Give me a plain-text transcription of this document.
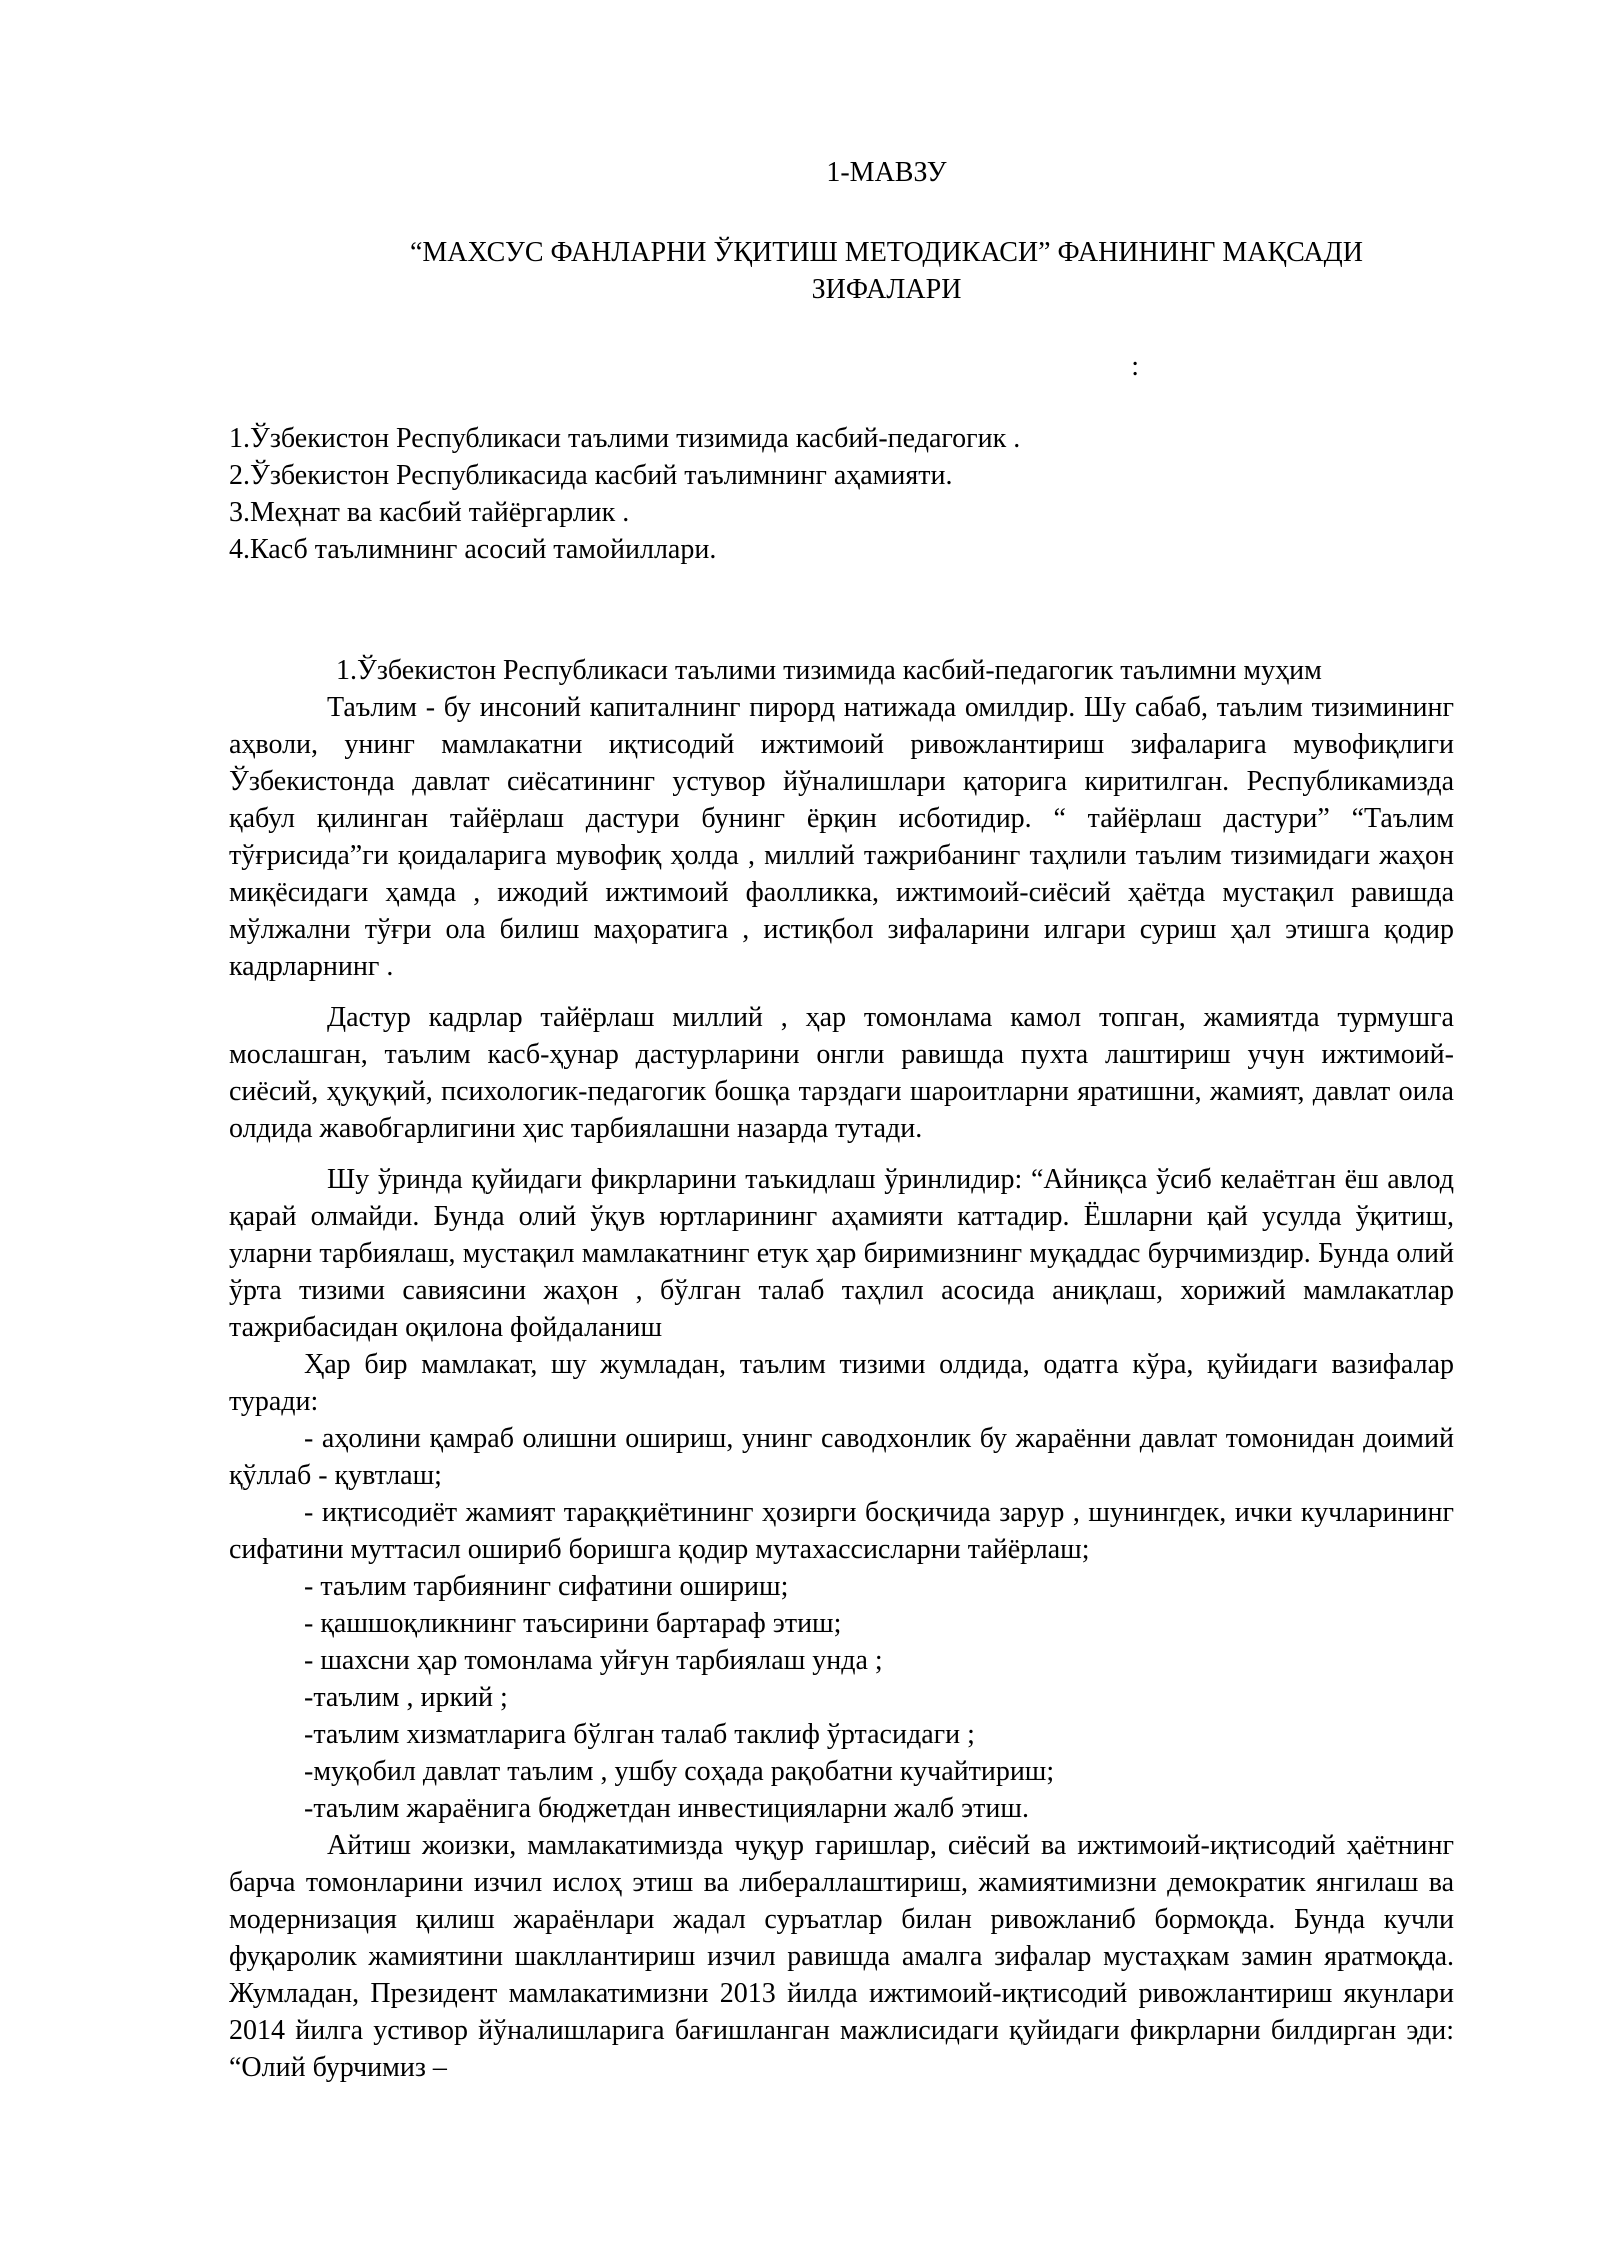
1-МАВЗУ
“МАХСУС ФАНЛАРНИ ЎҚИТИШ МЕТОДИКАСИ” ФАНИНИНГ МАҚСАДИ
ЗИФАЛАРИ
:
1.Ўзбекистон Республикаси таълими тизимида касбий-педагогик .
2.Ўзбекистон Республикасида касбий таълимнинг аҳамияти.
3.Меҳнат ва касбий тайёргарлик .
4.Касб таълимнинг асосий тамойиллари.
1.Ўзбекистон Республикаси таълими тизимида касбий-педагогик таълимни муҳим

Таълим - бу инсоний капиталнинг пирорд натижада омилдир. Шу сабаб, таълим тизимининг аҳволи, унинг мамлакатни иқтисодий ижтимоий ривожлантириш зифаларига мувофиқлиги Ўзбекистонда давлат сиёсатининг устувор йўналишлари қаторига киритилган. Республикамизда қабул қилинган тайёрлаш дастури бунинг ёрқин исботидир. “ тайёрлаш дастури” “Таълим тўғрисида”ги қоидаларига мувофиқ ҳолда , миллий тажрибанинг таҳлили таълим тизимидаги жаҳон миқёсидаги ҳамда , ижодий ижтимоий фаолликка, ижтимоий-сиёсий ҳаётда мустақил равишда мўлжални тўғри ола билиш маҳоратига , истиқбол зифаларини илгари суриш ҳал этишга қодир кадрларнинг .

Дастур кадрлар тайёрлаш миллий , ҳар томонлама камол топган, жамиятда турмушга мослашган, таълим касб-ҳунар дастурларини онгли равишда пухта лаштириш учун ижтимоий-сиёсий, ҳуқуқий, психологик-педагогик бошқа тарздаги шароитларни яратишни, жамият, давлат оила олдида жавобгарлигини ҳис тарбиялашни назарда тутади.

Шу ўринда қуйидаги фикрларини таъкидлаш ўринлидир: “Айниқса ўсиб келаётган ёш авлод қарай олмайди. Бунда олий ўқув юртларининг аҳамияти каттадир. Ёшларни қай усулда ўқитиш, уларни тарбиялаш, мустақил мамлакатнинг етук ҳар биримизнинг муқаддас бурчимиздир. Бунда олий ўрта тизими савиясини жаҳон , бўлган талаб таҳлил асосида аниқлаш, хорижий мамлакатлар тажрибасидан оқилона фойдаланиш

Ҳар бир мамлакат, шу жумладан, таълим тизими олдида, одатга кўра, қуйидаги вазифалар туради:

- аҳолини қамраб олишни ошириш, унинг саводхонлик бу жараённи давлат томонидан доимий қўллаб - қувтлаш;

- иқтисодиёт жамият тараққиётининг ҳозирги босқичида зарур , шунингдек, ички кучларининг сифатини муттасил ошириб боришга қодир мутахассисларни тайёрлаш;

- таълим тарбиянинг сифатини ошириш;
- қашшоқликнинг таъсирини бартараф этиш;
- шахсни ҳар томонлама уйғун тарбиялаш унда ;
-таълим , иркий ;
-таълим хизматларига бўлган талаб таклиф ўртасидаги ;
-муқобил давлат таълим , ушбу соҳада рақобатни кучайтириш;
-таълим жараёнига бюджетдан инвестицияларни жалб этиш.

Айтиш жоизки, мамлакатимизда чуқур гаришлар, сиёсий ва ижтимоий-иқтисодий ҳаётнинг барча томонларини изчил ислоҳ этиш ва либераллаштириш, жамиятимизни демократик янгилаш ва модернизация қилиш жараёнлари жадал суръатлар билан ривожланиб бормоқда. Бунда кучли фуқаролик жамиятини шакллантириш изчил равишда амалга зифалар мустаҳкам замин яратмоқда. Жумладан, Президент мамлакатимизни 2013 йилда ижтимоий-иқтисодий ривожлантириш якунлари 2014 йилга устивор йўналишларига бағишланган мажлисидаги қуйидаги фикрларни билдирган эди: “Олий бурчимиз –
